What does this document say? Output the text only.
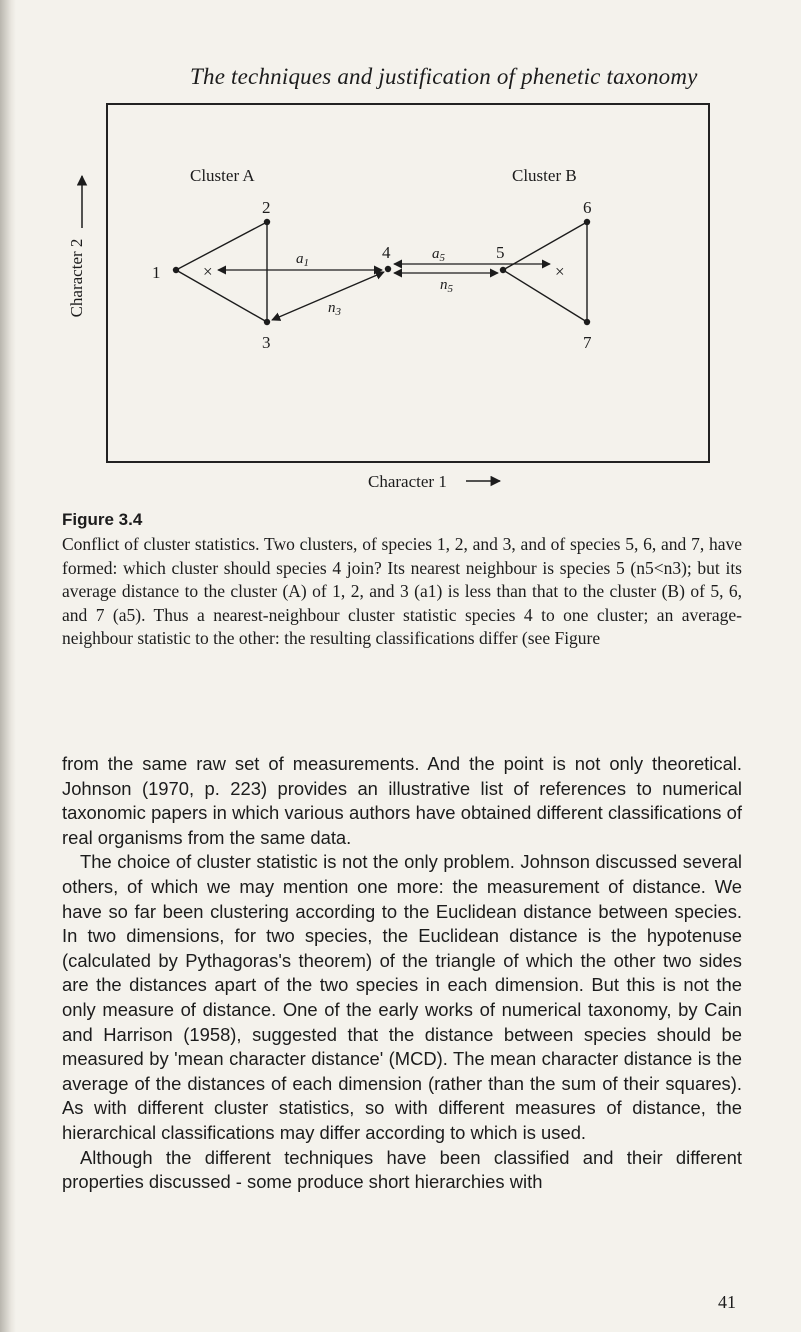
The techniques and justification of phenetic taxonomy
Cluster A	Cluster B
Character 2	1
2
3
4	5
6
7
×	×
$a_1$
$a_5$
$n_5$
$n_3$
Character 1
Figure 3.4

Conflict of cluster statistics. Two clusters, of species 1, 2, and 3, and of species 5, 6, and 7, have formed: which cluster should species 4 join? Its nearest neighbour is species 5 (n5<n3); but its average distance to the cluster (A) of 1, 2, and 3 (a1) is less than that to the cluster (B) of 5, 6, and 7 (a5). Thus a nearest-neighbour cluster statistic species 4 to one cluster; an average-neighbour statistic to the other: the resulting classifications differ (see Figure

from the same raw set of measurements. And the point is not only theoretical. Johnson (1970, p. 223) provides an illustrative list of references to numerical taxonomic papers in which various authors have obtained different classifications of real organisms from the same data.

The choice of cluster statistic is not the only problem. Johnson discussed several others, of which we may mention one more: the measurement of distance. We have so far been clustering according to the Euclidean distance between species. In two dimensions, for two species, the Euclidean distance is the hypotenuse (calculated by Pythagoras's theorem) of the triangle of which the other two sides are the distances apart of the two species in each dimension. But this is not the only measure of distance. One of the early works of numerical taxonomy, by Cain and Harrison (1958), suggested that the distance between species should be measured by 'mean character distance' (MCD). The mean character distance is the average of the distances of each dimension (rather than the sum of their squares). As with different cluster statistics, so with different measures of distance, the hierarchical classifications may differ according to which is used.

Although the different techniques have been classified and their different properties discussed - some produce short hierarchies with

41
